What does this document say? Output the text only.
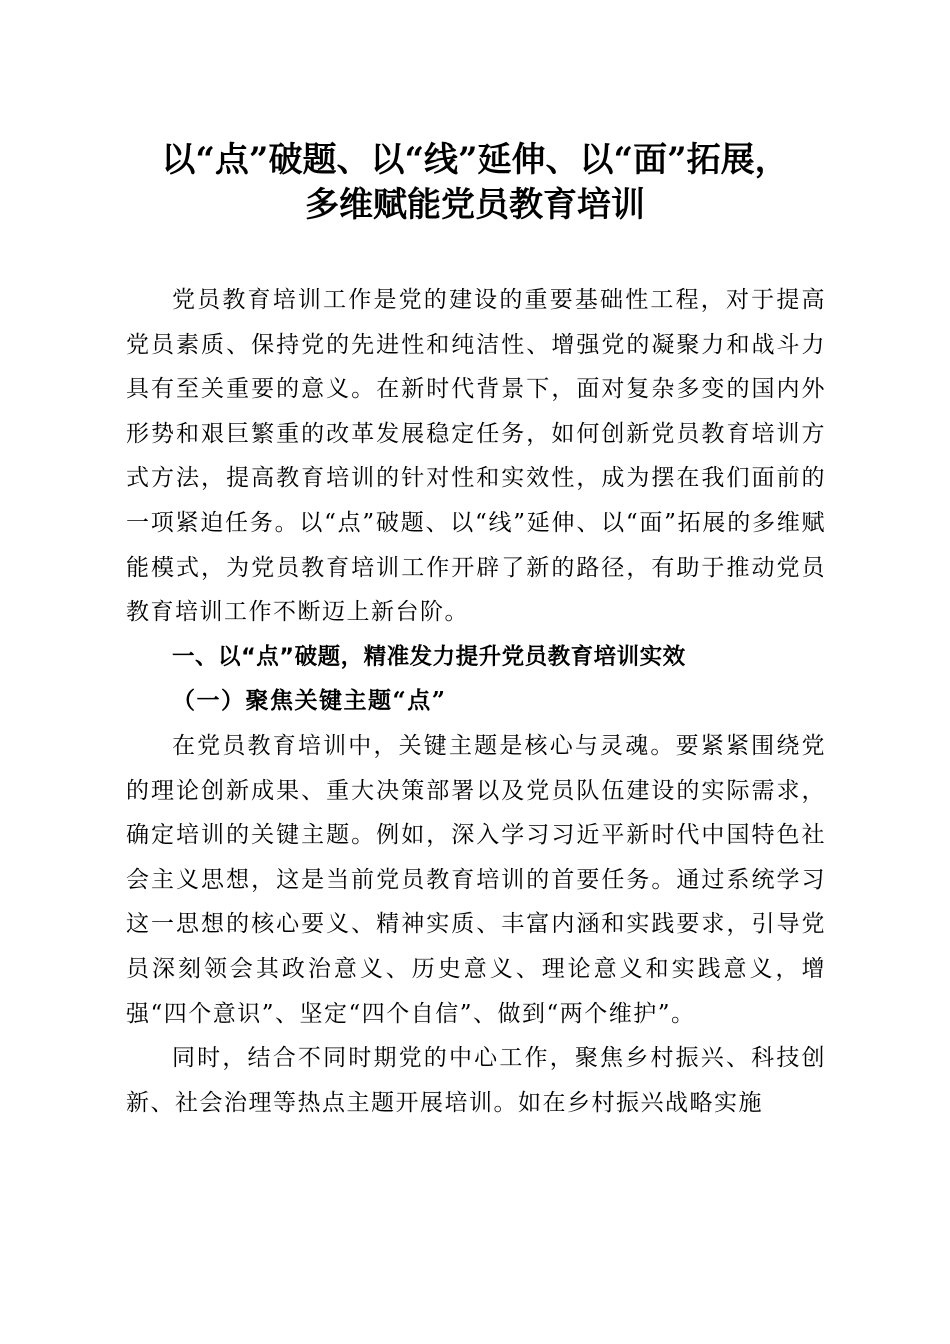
以“点”破题、以“线”延伸、以“面”拓展，
多维赋能党员教育培训

党员教育培训工作是党的建设的重要基础性工程，对于提高党员素质、保持党的先进性和纯洁性、增强党的凝聚力和战斗力具有至关重要的意义。在新时代背景下，面对复杂多变的国内外形势和艰巨繁重的改革发展稳定任务，如何创新党员教育培训方式方法，提高教育培训的针对性和实效性，成为摆在我们面前的一项紧迫任务。以“点”破题、以“线”延伸、以“面”拓展的多维赋能模式，为党员教育培训工作开辟了新的路径，有助于推动党员教育培训工作不断迈上新台阶。

一、以“点”破题，精准发力提升党员教育培训实效

（一）聚焦关键主题“点”

在党员教育培训中，关键主题是核心与灵魂。要紧紧围绕党的理论创新成果、重大决策部署以及党员队伍建设的实际需求，确定培训的关键主题。例如，深入学习习近平新时代中国特色社会主义思想，这是当前党员教育培训的首要任务。通过系统学习这一思想的核心要义、精神实质、丰富内涵和实践要求，引导党员深刻领会其政治意义、历史意义、理论意义和实践意义，增强“四个意识”、坚定“四个自信”、做到“两个维护”。

同时，结合不同时期党的中心工作，聚焦乡村振兴、科技创新、社会治理等热点主题开展培训。如在乡村振兴战略实施
